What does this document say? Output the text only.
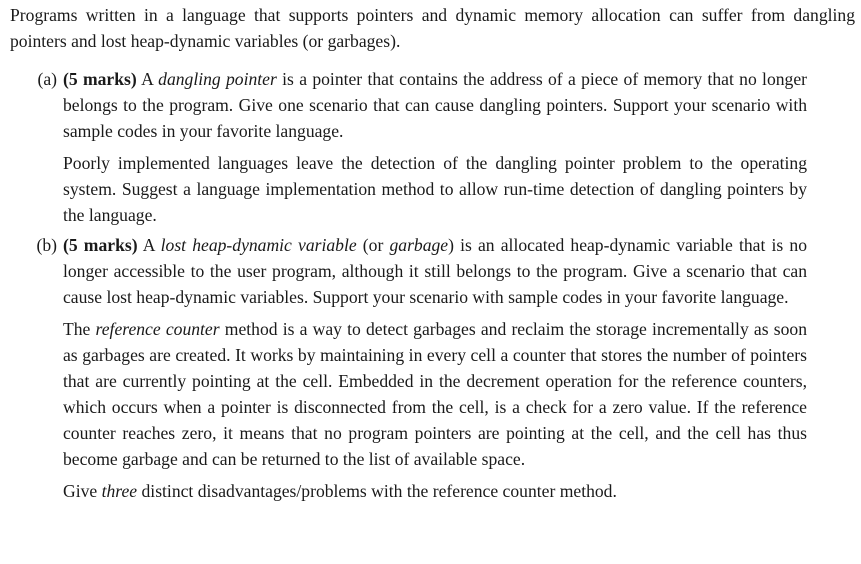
Programs written in a language that supports pointers and dynamic memory allocation can suffer from dangling pointers and lost heap-dynamic variables (or garbages).

(a) (5 marks) A dangling pointer is a pointer that contains the address of a piece of memory that no longer belongs to the program. Give one scenario that can cause dangling pointers. Support your scenario with sample codes in your favorite language.

Poorly implemented languages leave the detection of the dangling pointer problem to the operating system. Suggest a language implementation method to allow run-time detection of dangling pointers by the language.

(b) (5 marks) A lost heap-dynamic variable (or garbage) is an allocated heap-dynamic variable that is no longer accessible to the user program, although it still belongs to the program. Give a scenario that can cause lost heap-dynamic variables. Support your scenario with sample codes in your favorite language.

The reference counter method is a way to detect garbages and reclaim the storage incrementally as soon as garbages are created. It works by maintaining in every cell a counter that stores the number of pointers that are currently pointing at the cell. Embedded in the decrement operation for the reference counters, which occurs when a pointer is disconnected from the cell, is a check for a zero value. If the reference counter reaches zero, it means that no program pointers are pointing at the cell, and the cell has thus become garbage and can be returned to the list of available space.

Give three distinct disadvantages/problems with the reference counter method.
